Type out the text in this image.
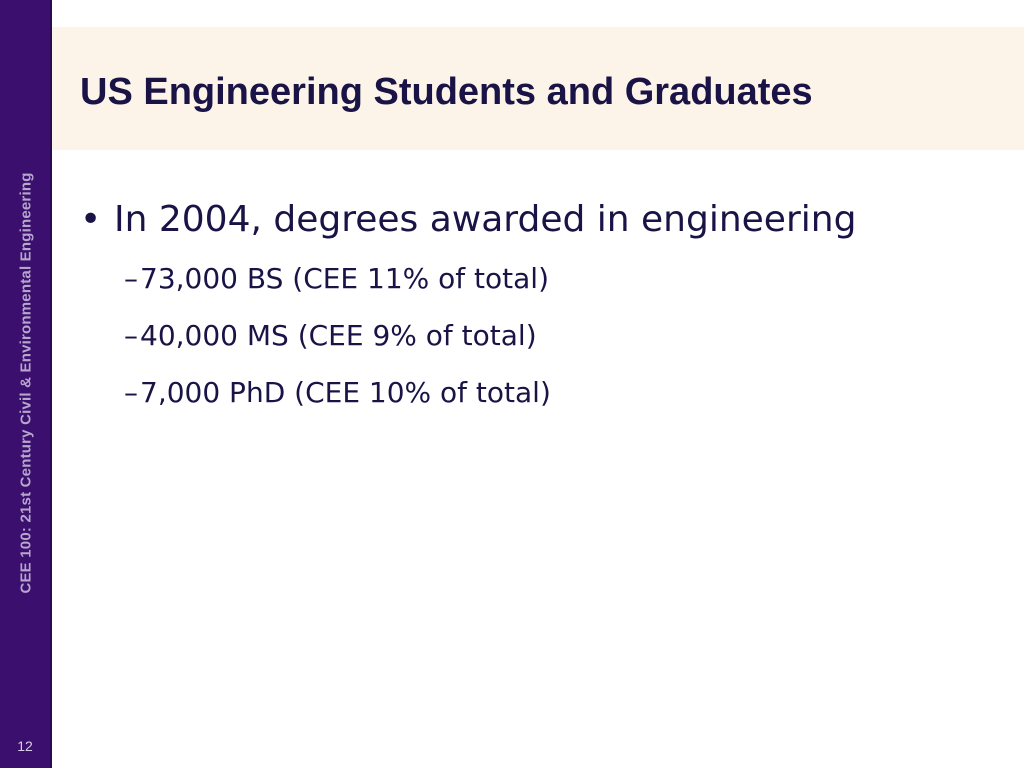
CEE 100: 21st Century Civil & Environmental Engineering
12
US Engineering Students and Graduates
• In 2004, degrees awarded in engineering
– 73,000 BS (CEE 11% of total)
– 40,000 MS (CEE 9% of total)
– 7,000 PhD (CEE 10% of total)
